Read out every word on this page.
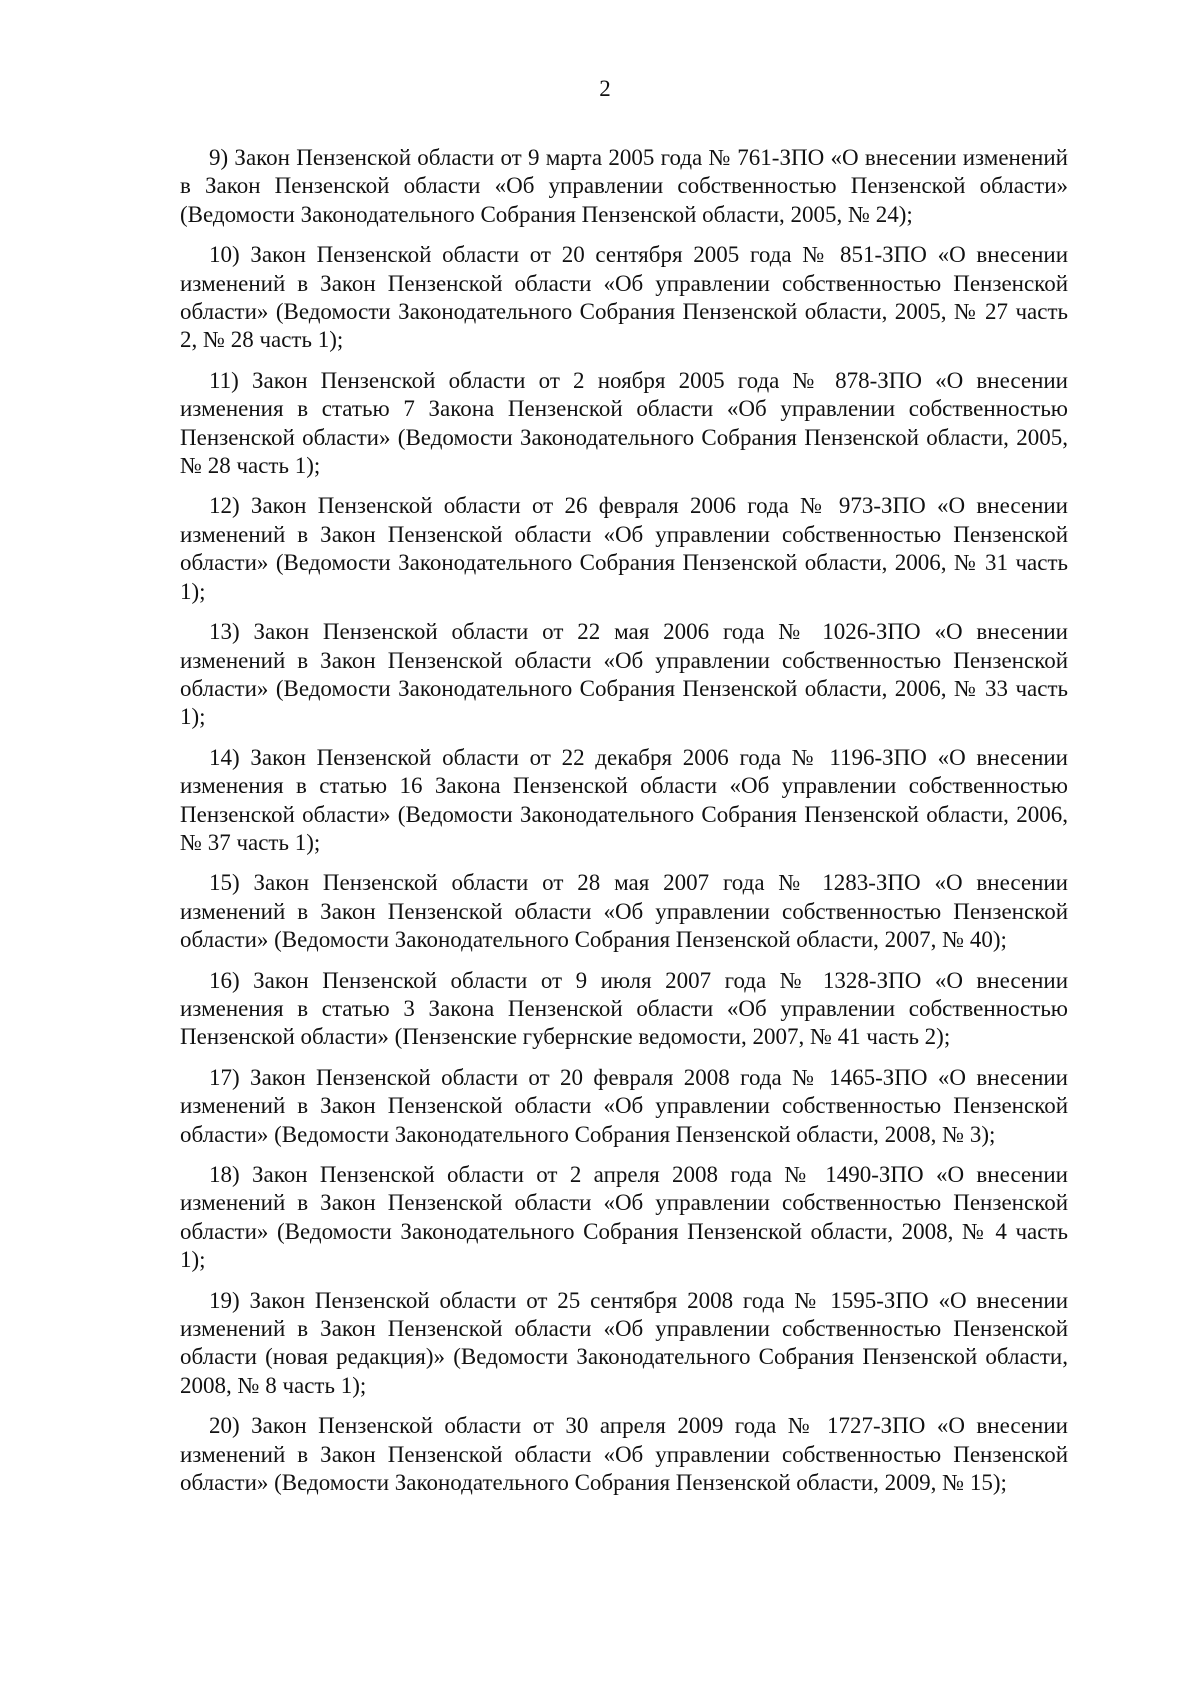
2

9) Закон Пензенской области от 9 марта 2005 года № 761-ЗПО «О внесении изменений в Закон Пензенской области «Об управлении собственностью Пензенской области» (Ведомости Законодательного Собрания Пензенской области, 2005, № 24);

10) Закон Пензенской области от 20 сентября 2005 года № 851-ЗПО «О внесении изменений в Закон Пензенской области «Об управлении собственностью Пензенской области» (Ведомости Законодательного Собрания Пензенской области, 2005, № 27 часть 2, № 28 часть 1);

11) Закон Пензенской области от 2 ноября 2005 года № 878-ЗПО «О внесении изменения в статью 7 Закона Пензенской области «Об управлении собственностью Пензенской области» (Ведомости Законодательного Собрания Пензенской области, 2005, № 28 часть 1);

12) Закон Пензенской области от 26 февраля 2006 года № 973-ЗПО «О внесении изменений в Закон Пензенской области «Об управлении собственностью Пензенской области» (Ведомости Законодательного Собрания Пензенской области, 2006, № 31 часть 1);

13) Закон Пензенской области от 22 мая 2006 года № 1026-ЗПО «О внесении изменений в Закон Пензенской области «Об управлении собственностью Пензенской области» (Ведомости Законодательного Собрания Пензенской области, 2006, № 33 часть 1);

14) Закон Пензенской области от 22 декабря 2006 года № 1196-ЗПО «О внесении изменения в статью 16 Закона Пензенской области «Об управлении собственностью Пензенской области» (Ведомости Законодательного Собрания Пензенской области, 2006, № 37 часть 1);

15) Закон Пензенской области от 28 мая 2007 года № 1283-ЗПО «О внесении изменений в Закон Пензенской области «Об управлении собственностью Пензенской области» (Ведомости Законодательного Собрания Пензенской области, 2007, № 40);

16) Закон Пензенской области от 9 июля 2007 года № 1328-ЗПО «О внесении изменения в статью 3 Закона Пензенской области «Об управлении собственностью Пензенской области» (Пензенские губернские ведомости, 2007, № 41 часть 2);

17) Закон Пензенской области от 20 февраля 2008 года № 1465-ЗПО «О внесении изменений в Закон Пензенской области «Об управлении собственностью Пензенской области» (Ведомости Законодательного Собрания Пензенской области, 2008, № 3);

18) Закон Пензенской области от 2 апреля 2008 года № 1490-ЗПО «О внесении изменений в Закон Пензенской области «Об управлении собственностью Пензенской области» (Ведомости Законодательного Собрания Пензенской области, 2008, № 4 часть 1);

19) Закон Пензенской области от 25 сентября 2008 года № 1595-ЗПО «О внесении изменений в Закон Пензенской области «Об управлении собственностью Пензенской области (новая редакция)» (Ведомости Законодательного Собрания Пензенской области, 2008, № 8 часть 1);

20) Закон Пензенской области от 30 апреля 2009 года № 1727-ЗПО «О внесении изменений в Закон Пензенской области «Об управлении собственностью Пензенской области» (Ведомости Законодательного Собрания Пензенской области, 2009, № 15);
